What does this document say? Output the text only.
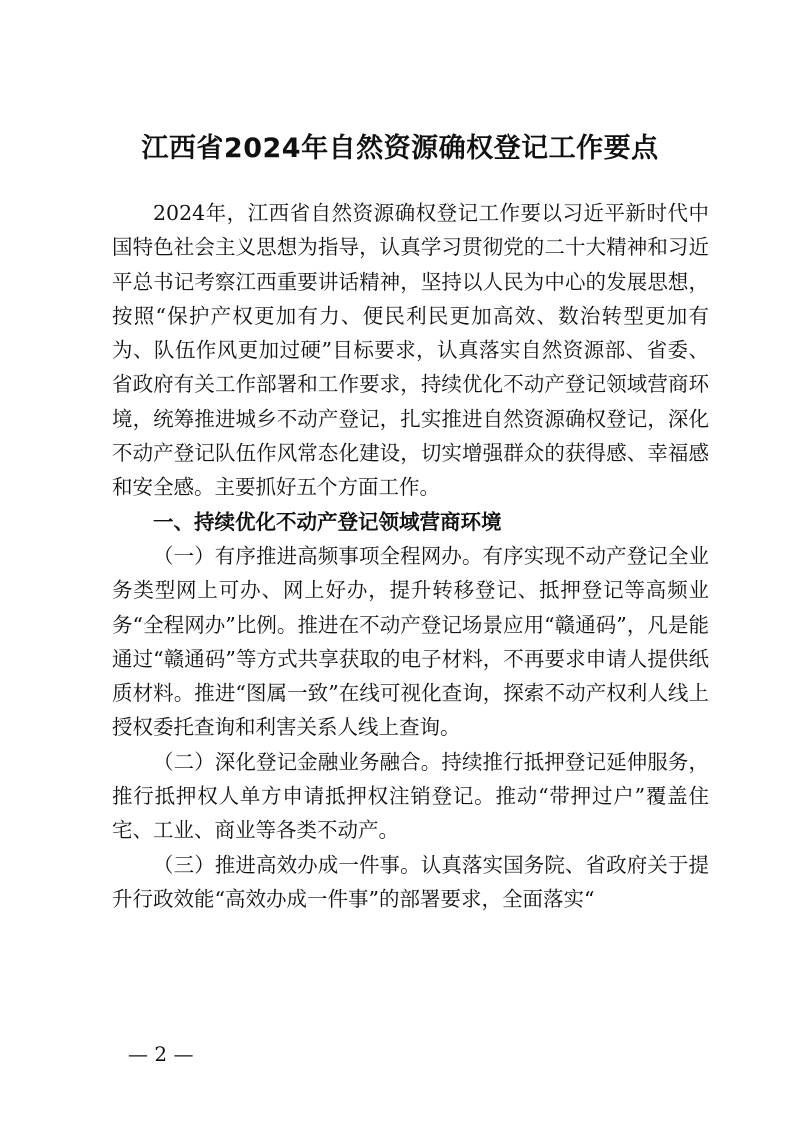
江西省2024年自然资源确权登记工作要点

2024年，江西省自然资源确权登记工作要以习近平新时代中国特色社会主义思想为指导，认真学习贯彻党的二十大精神和习近平总书记考察江西重要讲话精神，坚持以人民为中心的发展思想，按照“保护产权更加有力、便民利民更加高效、数治转型更加有为、队伍作风更加过硬”目标要求，认真落实自然资源部、省委、省政府有关工作部署和工作要求，持续优化不动产登记领域营商环境，统筹推进城乡不动产登记，扎实推进自然资源确权登记，深化不动产登记队伍作风常态化建设，切实增强群众的获得感、幸福感和安全感。主要抓好五个方面工作。

一、持续优化不动产登记领域营商环境

（一）有序推进高频事项全程网办。有序实现不动产登记全业务类型网上可办、网上好办，提升转移登记、抵押登记等高频业务“全程网办”比例。推进在不动产登记场景应用“赣通码”，凡是能通过“赣通码”等方式共享获取的电子材料，不再要求申请人提供纸质材料。推进“图属一致”在线可视化查询，探索不动产权利人线上授权委托查询和利害关系人线上查询。

（二）深化登记金融业务融合。持续推行抵押登记延伸服务，推行抵押权人单方申请抵押权注销登记。推动“带押过户”覆盖住宅、工业、商业等各类不动产。

（三）推进高效办成一件事。认真落实国务院、省政府关于提升行政效能“高效办成一件事”的部署要求，全面落实“

— 2 —
